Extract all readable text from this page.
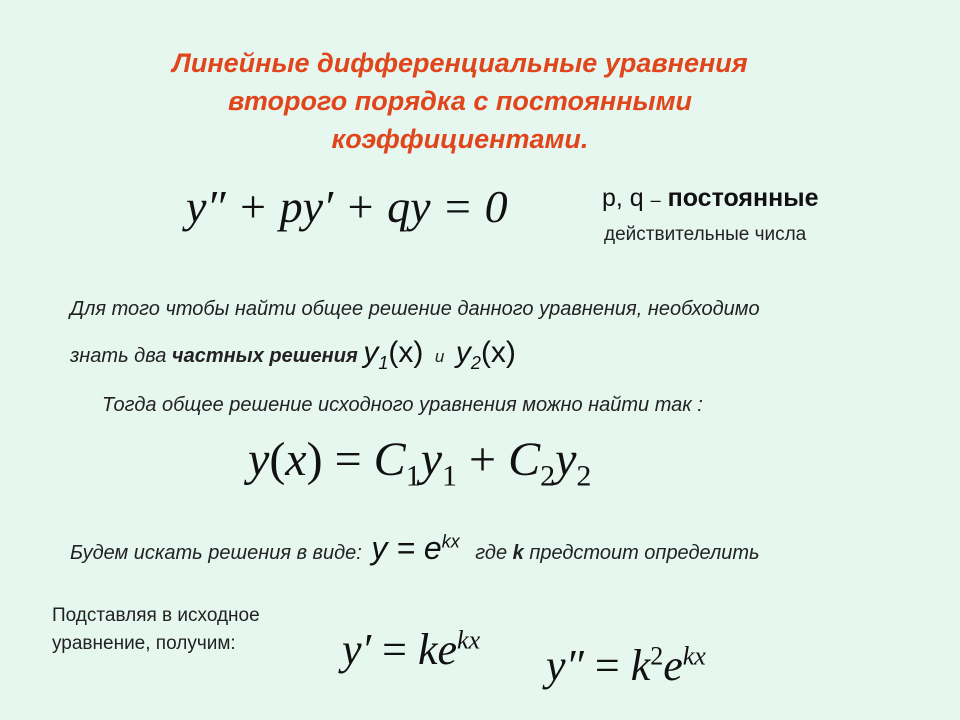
Линейные дифференциальные уравнения
второго порядка с постоянными
коэффициентами.
y″ + py′ + qy = 0	p, q – постоянные
действительные числа
Для того чтобы найти общее решение данного уравнения, необходимо
знать два частных решения $y_1(x)$ и $y_2(x)$
Тогда общее решение исходного уравнения можно найти так :
$y(x) = C_1y_1 + C_2y_2$
Будем искать решения в виде: $y = e^{kx}$ где k предстоит определить
Подставляя в исходное
уравнение, получим:	$y' = ke^{kx}$
$y'' = k^2e^{kx}$
